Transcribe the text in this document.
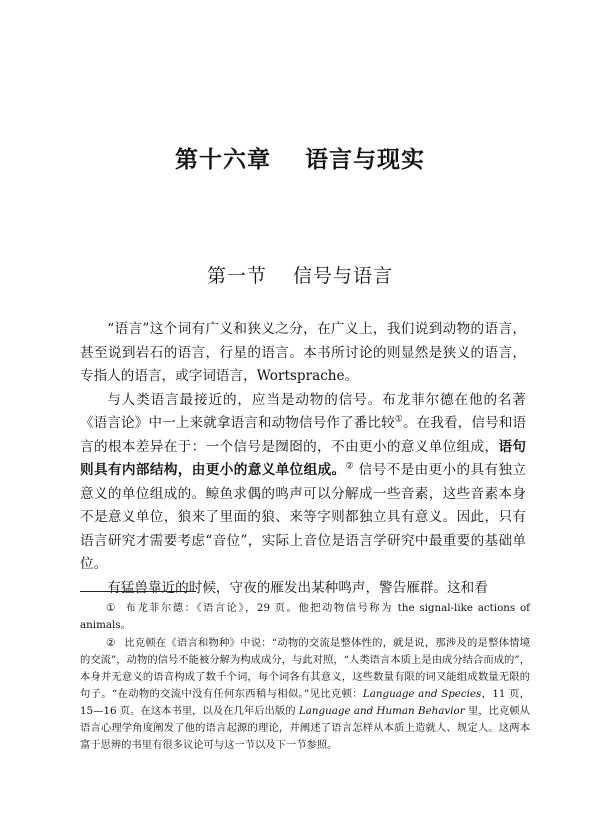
第十六章 语言与现实
第一节 信号与语言

“语言”这个词有广义和狭义之分，在广义上，我们说到动物的语言，甚至说到岩石的语言，行星的语言。本书所讨论的则显然是狭义的语言，专指人的语言，或字词语言，Wortsprache。

与人类语言最接近的，应当是动物的信号。布龙菲尔德在他的名著《语言论》中一上来就拿语言和动物信号作了番比较①。在我看，信号和语言的根本差异在于：一个信号是囫囵的，不由更小的意义单位组成，语句则具有内部结构，由更小的意义单位组成。② 信号不是由更小的具有独立意义的单位组成的。鲸鱼求偶的鸣声可以分解成一些音素，这些音素本身不是意义单位，狼来了里面的狼、来等字则都独立具有意义。因此，只有语言研究才需要考虑“音位”，实际上音位是语言学研究中最重要的基础单位。

有猛兽靠近的时候，守夜的雁发出某种鸣声，警告雁群。这和看

① 布龙菲尔德：《语言论》，29 页。他把动物信号称为 the signal-like actions of animals。

② 比克顿在《语言和物种》中说：“动物的交流是整体性的，就是说，那涉及的是整体情境的交流”，动物的信号不能被分解为构成成分，与此对照，“人类语言本质上是由成分结合而成的”，本身并无意义的语音构成了数千个词，每个词各有其意义，这些数量有限的词又能组成数量无限的句子。“在动物的交流中没有任何东西稍与相似。”见比克顿：Language and Species，11 页，15—16 页。在这本书里，以及在几年后出版的 Language and Human Behavior 里，比克顿从语言心理学角度阐发了他的语言起源的理论，并阐述了语言怎样从本质上造就人、规定人。这两本富于思辨的书里有很多议论可与这一节以及下一节参照。
